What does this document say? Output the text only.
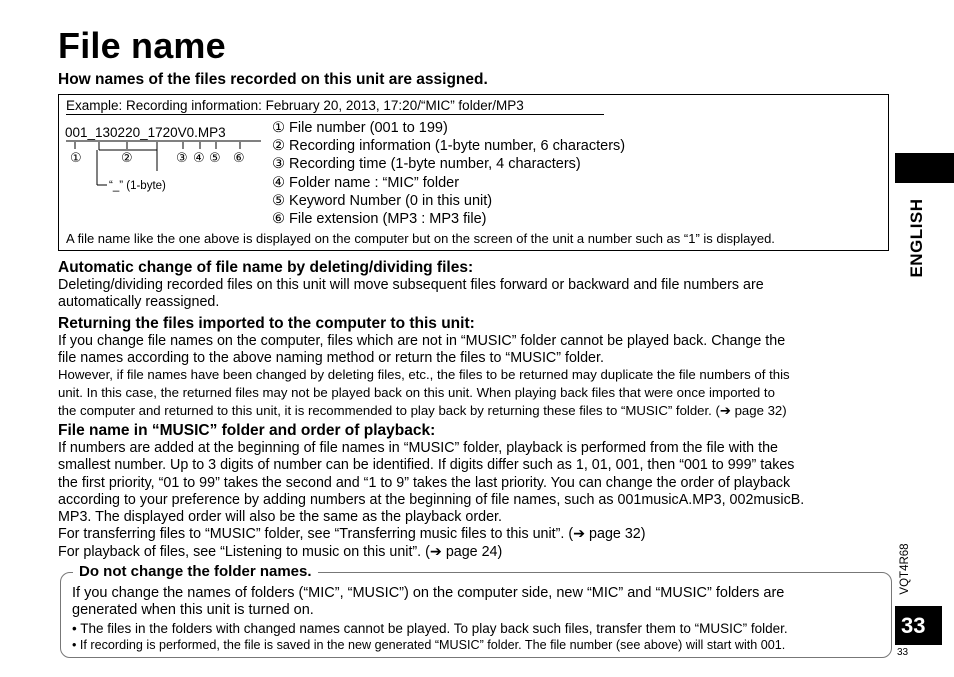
File name
How names of the files recorded on this unit are assigned.
Example: Recording information: February 20, 2013, 17:20/“MIC” folder/MP3
001_130220_1720V0.MP3
①	②	③ ④ ⑤ ⑥
“_” (1-byte)
① File number (001 to 199)
② Recording information (1-byte number, 6 characters)
③ Recording time (1-byte number, 4 characters)
④ Folder name : “MIC” folder
⑤ Keyword Number (0 in this unit)
⑥ File extension (MP3 : MP3 file)
A file name like the one above is displayed on the computer but on the screen of the unit a number such as “1” is displayed.
Automatic change of file name by deleting/dividing files:
Deleting/dividing recorded files on this unit will move subsequent files forward or backward and file numbers are
automatically reassigned.
Returning the files imported to the computer to this unit:
If you change file names on the computer, files which are not in “MUSIC” folder cannot be played back. Change the
file names according to the above naming method or return the files to “MUSIC” folder.
However, if file names have been changed by deleting files, etc., the files to be returned may duplicate the file numbers of this
unit. In this case, the returned files may not be played back on this unit. When playing back files that were once imported to
the computer and returned to this unit, it is recommended to play back by returning these files to “MUSIC” folder. (➔ page 32)
File name in “MUSIC” folder and order of playback:
If numbers are added at the beginning of file names in “MUSIC” folder, playback is performed from the file with the
smallest number. Up to 3 digits of number can be identified. If digits differ such as 1, 01, 001, then “001 to 999” takes
the first priority, “01 to 99” takes the second and “1 to 9” takes the last priority. You can change the order of playback
according to your preference by adding numbers at the beginning of file names, such as 001musicA.MP3, 002musicB.
MP3. The displayed order will also be the same as the playback order.
For transferring files to “MUSIC” folder, see “Transferring music files to this unit”. (➔ page 32)
For playback of files, see “Listening to music on this unit”. (➔ page 24)
Do not change the folder names.
If you change the names of folders (“MIC”, “MUSIC”) on the computer side, new “MIC” and “MUSIC” folders are
generated when this unit is turned on.
• The files in the folders with changed names cannot be played. To play back such files, transfer them to “MUSIC” folder.
• If recording is performed, the file is saved in the new generated “MUSIC” folder. The file number (see above) will start with 001.
ENGLISH
VQT4R68
33
33
